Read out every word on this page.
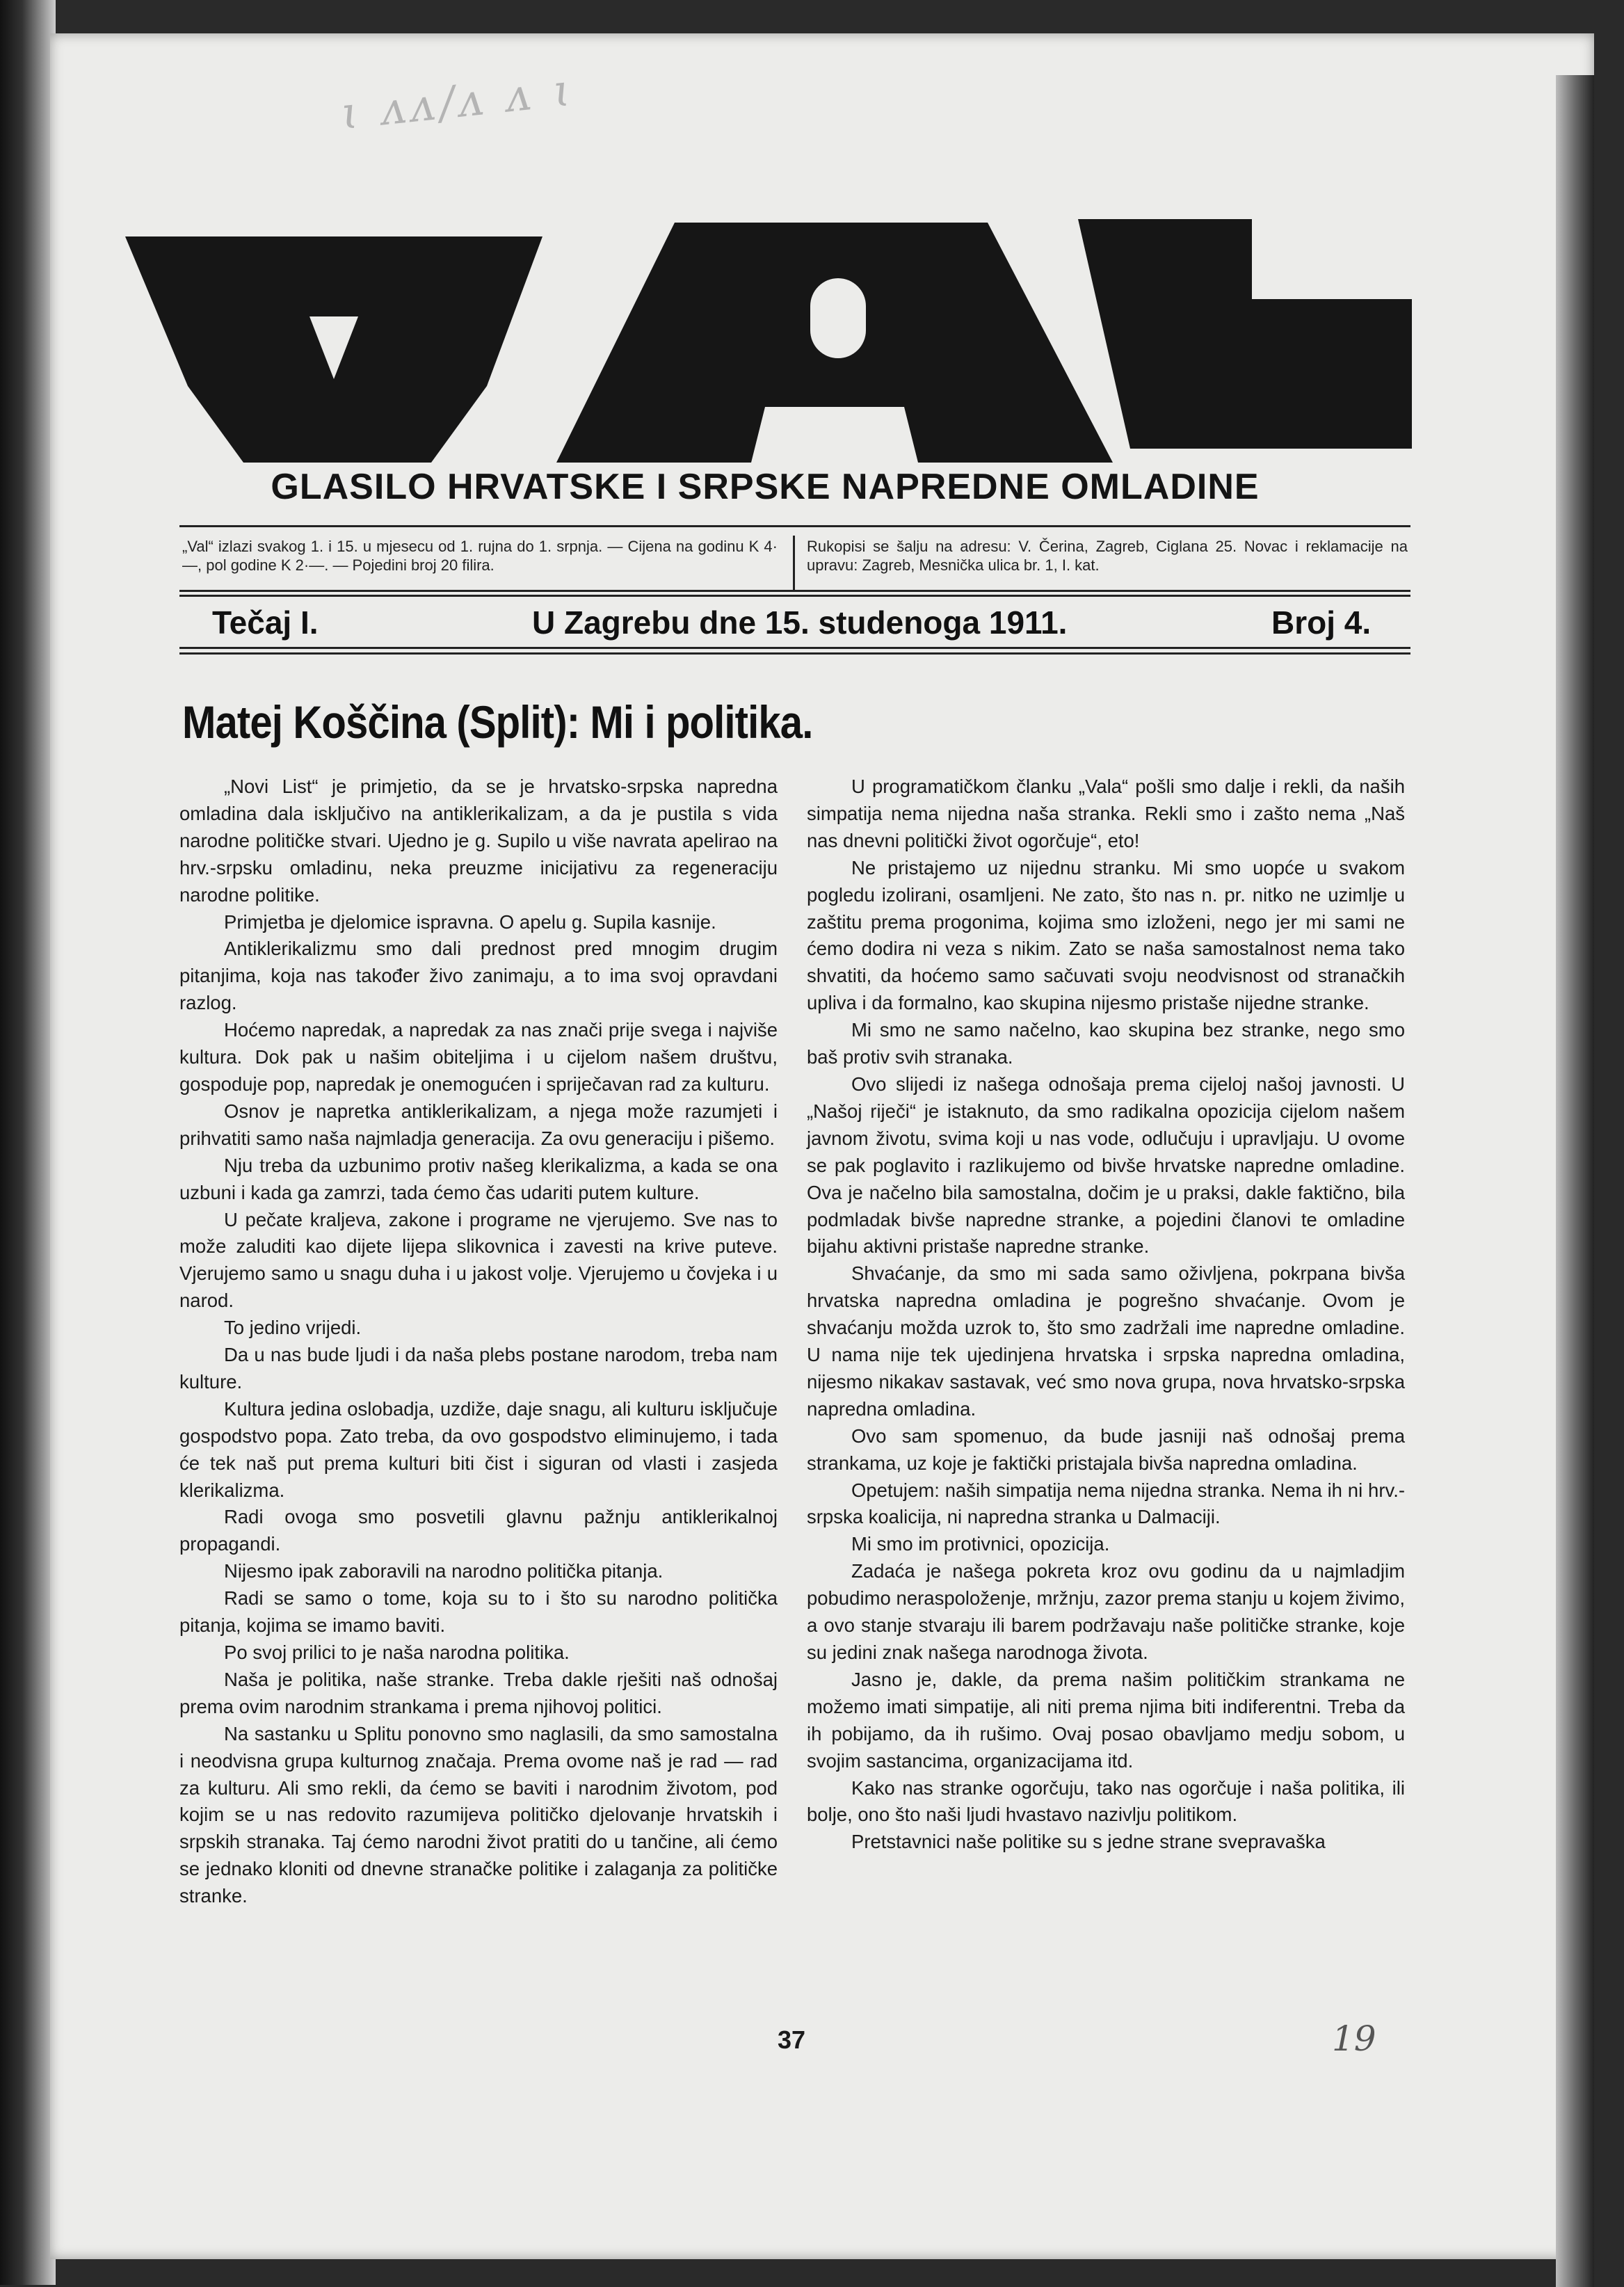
ɩ ᴧᴧ∕ᴧ ᴧ ɩ
GLASILO HRVATSKE I SRPSKE NAPREDNE OMLADINE
„Val“ izlazi svakog 1. i 15. u mjesecu od 1. rujna do 1. srpnja. — Cijena na godinu K 4·—, pol godine K 2·—. — Pojedini broj 20 filira.
Rukopisi se šalju na adresu: V. Čerina, Zagreb, Ciglana 25. Novac i reklamacije na upravu: Zagreb, Mesnička ulica br. 1, I. kat.
Tečaj I.	U Zagrebu dne 15. studenoga 1911.	Broj 4.
Matej Koščina (Split): Mi i politika.

„Novi List“ je primjetio, da se je hrvatsko-srpska napredna omladina dala isključivo na antiklerikalizam, a da je pustila s vida narodne političke stvari. Ujedno je g. Supilo u više navrata apelirao na hrv.-srpsku omladinu, neka preuzme inicijativu za regeneraciju narodne politike.

Primjetba je djelomice ispravna. O apelu g. Supila kasnije.

Antiklerikalizmu smo dali prednost pred mnogim drugim pitanjima, koja nas također živo zanimaju, a to ima svoj opravdani razlog.

Hoćemo napredak, a napredak za nas znači prije svega i najviše kultura. Dok pak u našim obiteljima i u cijelom našem društvu, gospoduje pop, napredak je onemogućen i spriječavan rad za kulturu.

Osnov je napretka antiklerikalizam, a njega može razumjeti i prihvatiti samo naša najmladja generacija. Za ovu generaciju i pišemo.

Nju treba da uzbunimo protiv našeg klerikalizma, a kada se ona uzbuni i kada ga zamrzi, tada ćemo čas udariti putem kulture.

U pečate kraljeva, zakone i programe ne vjerujemo. Sve nas to može zaluditi kao dijete lijepa slikovnica i zavesti na krive puteve. Vjerujemo samo u snagu duha i u jakost volje. Vjerujemo u čovjeka i u narod.

To jedino vrijedi.

Da u nas bude ljudi i da naša plebs postane narodom, treba nam kulture.

Kultura jedina oslobadja, uzdiže, daje snagu, ali kulturu isključuje gospodstvo popa. Zato treba, da ovo gospodstvo eliminujemo, i tada će tek naš put prema kulturi biti čist i siguran od vlasti i zasjeda klerikalizma.

Radi ovoga smo posvetili glavnu pažnju antiklerikalnoj propagandi.

Nijesmo ipak zaboravili na narodno politička pitanja.

Radi se samo o tome, koja su to i što su narodno politička pitanja, kojima se imamo baviti.

Po svoj prilici to je naša narodna politika.

Naša je politika, naše stranke. Treba dakle rješiti naš odnošaj prema ovim narodnim strankama i prema njihovoj politici.

Na sastanku u Splitu ponovno smo naglasili, da smo samostalna i neodvisna grupa kulturnog značaja. Prema ovome naš je rad — rad za kulturu. Ali smo rekli, da ćemo se baviti i narodnim životom, pod kojim se u nas redovito razumijeva političko djelovanje hrvatskih i srpskih stranaka. Taj ćemo narodni život pratiti do u tančine, ali ćemo se jednako kloniti od dnevne stranačke politike i zalaganja za političke stranke.

U programatičkom članku „Vala“ pošli smo dalje i rekli, da naših simpatija nema nijedna naša stranka. Rekli smo i zašto nema „Naš nas dnevni politički život ogorčuje“, eto!

Ne pristajemo uz nijednu stranku. Mi smo uopće u svakom pogledu izolirani, osamljeni. Ne zato, što nas n. pr. nitko ne uzimlje u zaštitu prema progonima, kojima smo izloženi, nego jer mi sami ne ćemo dodira ni veza s nikim. Zato se naša samostalnost nema tako shvatiti, da hoćemo samo sačuvati svoju neodvisnost od stranačkih upliva i da formalno, kao skupina nijesmo pristaše nijedne stranke.

Mi smo ne samo načelno, kao skupina bez stranke, nego smo baš protiv svih stranaka.

Ovo slijedi iz našega odnošaja prema cijeloj našoj javnosti. U „Našoj riječi“ je istaknuto, da smo radikalna opozicija cijelom našem javnom životu, svima koji u nas vode, odlučuju i upravljaju. U ovome se pak poglavito i razlikujemo od bivše hrvatske napredne omladine. Ova je načelno bila samostalna, dočim je u praksi, dakle faktično, bila podmladak bivše napredne stranke, a pojedini članovi te omladine bijahu aktivni pristaše napredne stranke.

Shvaćanje, da smo mi sada samo oživljena, pokrpana bivša hrvatska napredna omladina je pogrešno shvaćanje. Ovom je shvaćanju možda uzrok to, što smo zadržali ime napredne omladine. U nama nije tek ujedinjena hrvatska i srpska napredna omladina, nijesmo nikakav sastavak, već smo nova grupa, nova hrvatsko-srpska napredna omladina.

Ovo sam spomenuo, da bude jasniji naš odnošaj prema strankama, uz koje je faktički pristajala bivša napredna omladina.

Opetujem: naših simpatija nema nijedna stranka. Nema ih ni hrv.-srpska koalicija, ni napredna stranka u Dalmaciji.

Mi smo im protivnici, opozicija.

Zadaća je našega pokreta kroz ovu godinu da u najmladjim pobudimo neraspoloženje, mržnju, zazor prema stanju u kojem živimo, a ovo stanje stvaraju ili barem podržavaju naše političke stranke, koje su jedini znak našega narodnoga života.

Jasno je, dakle, da prema našim političkim strankama ne možemo imati simpatije, ali niti prema njima biti indiferentni. Treba da ih pobijamo, da ih rušimo. Ovaj posao obavljamo medju sobom, u svojim sastancima, organizacijama itd.

Kako nas stranke ogorčuju, tako nas ogorčuje i naša politika, ili bolje, ono što naši ljudi hvastavo nazivlju politikom.

Pretstavnici naše politike su s jedne strane svepravaška

37	19
